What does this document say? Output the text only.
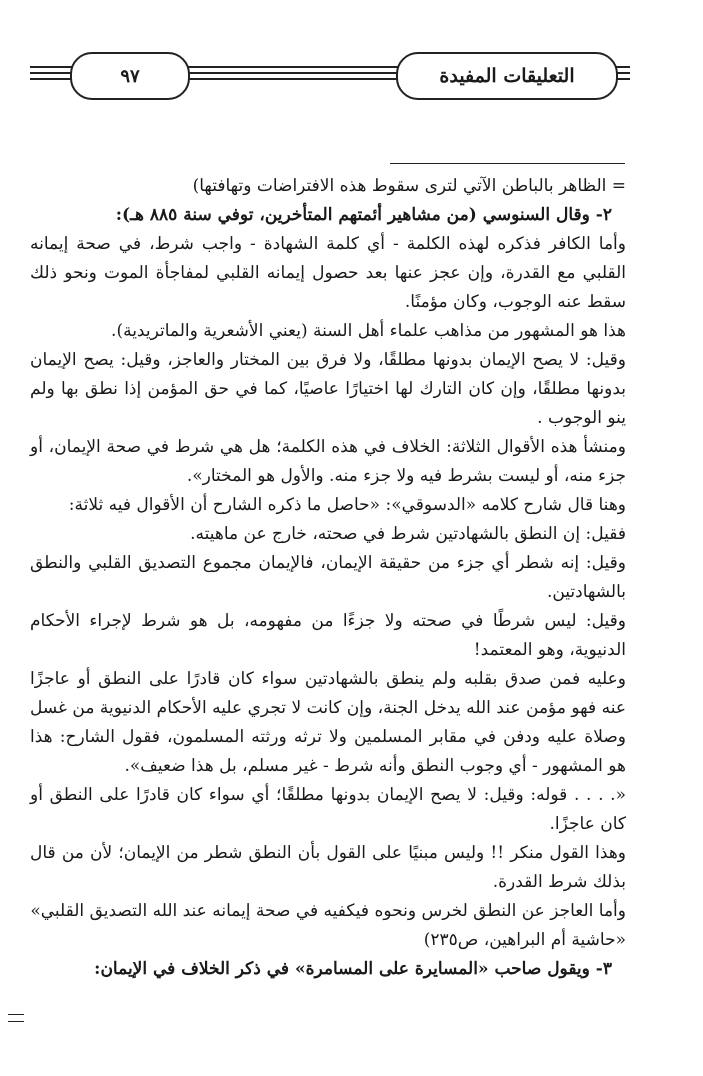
٩٧	التعليقات المفيدة

= الظاهر بالباطن الآتي لترى سقوط هذه الافتراضات وتهافتها)

٢- وقال السنوسي (من مشاهير أئمتهم المتأخرين، توفي سنة ٨٨٥ هـ):

وأما الكافر فذكره لهذه الكلمة - أي كلمة الشهادة - واجب شرط، في صحة إيمانه القلبي مع القدرة، وإن عجز عنها بعد حصول إيمانه القلبي لمفاجأة الموت ونحو ذلك سقط عنه الوجوب، وكان مؤمنًا.

هذا هو المشهور من مذاهب علماء أهل السنة (يعني الأشعرية والماتريدية).

وقيل: لا يصح الإيمان بدونها مطلقًا، ولا فرق بين المختار والعاجز، وقيل: يصح الإيمان بدونها مطلقًا، وإن كان التارك لها اختيارًا عاصيًا، كما في حق المؤمن إذا نطق بها ولم ينو الوجوب .

ومنشأ هذه الأقوال الثلاثة: الخلاف في هذه الكلمة؛ هل هي شرط في صحة الإيمان، أو جزء منه، أو ليست بشرط فيه ولا جزء منه. والأول هو المختار».

وهنا قال شارح كلامه «الدسوقي»: «حاصل ما ذكره الشارح أن الأقوال فيه ثلاثة:

فقيل: إن النطق بالشهادتين شرط في صحته، خارج عن ماهيته.

وقيل: إنه شطر أي جزء من حقيقة الإيمان، فالإيمان مجموع التصديق القلبي والنطق بالشهادتين.

وقيل: ليس شرطًا في صحته ولا جزءًا من مفهومه، بل هو شرط لإجراء الأحكام الدنيوية، وهو المعتمد!

وعليه فمن صدق بقلبه ولم ينطق بالشهادتين سواء كان قادرًا على النطق أو عاجزًا عنه فهو مؤمن عند الله يدخل الجنة، وإن كانت لا تجري عليه الأحكام الدنيوية من غسل وصلاة عليه ودفن في مقابر المسلمين ولا ترثه ورثته المسلمون، فقول الشارح: هذا هو المشهور - أي وجوب النطق وأنه شرط - غير مسلم، بل هذا ضعيف».

«. . . . قوله: وقيل: لا يصح الإيمان بدونها مطلقًا؛ أي سواء كان قادرًا على النطق أو كان عاجزًا.

وهذا القول منكر !! وليس مبنيًا على القول بأن النطق شطر من الإيمان؛ لأن من قال بذلك شرط القدرة.

وأما العاجز عن النطق لخرس ونحوه فيكفيه في صحة إيمانه عند الله التصديق القلبي»

«حاشية أم البراهين، ص٢٣٥)

٣- ويقول صاحب «المسايرة على المسامرة» في ذكر الخلاف في الإيمان:
